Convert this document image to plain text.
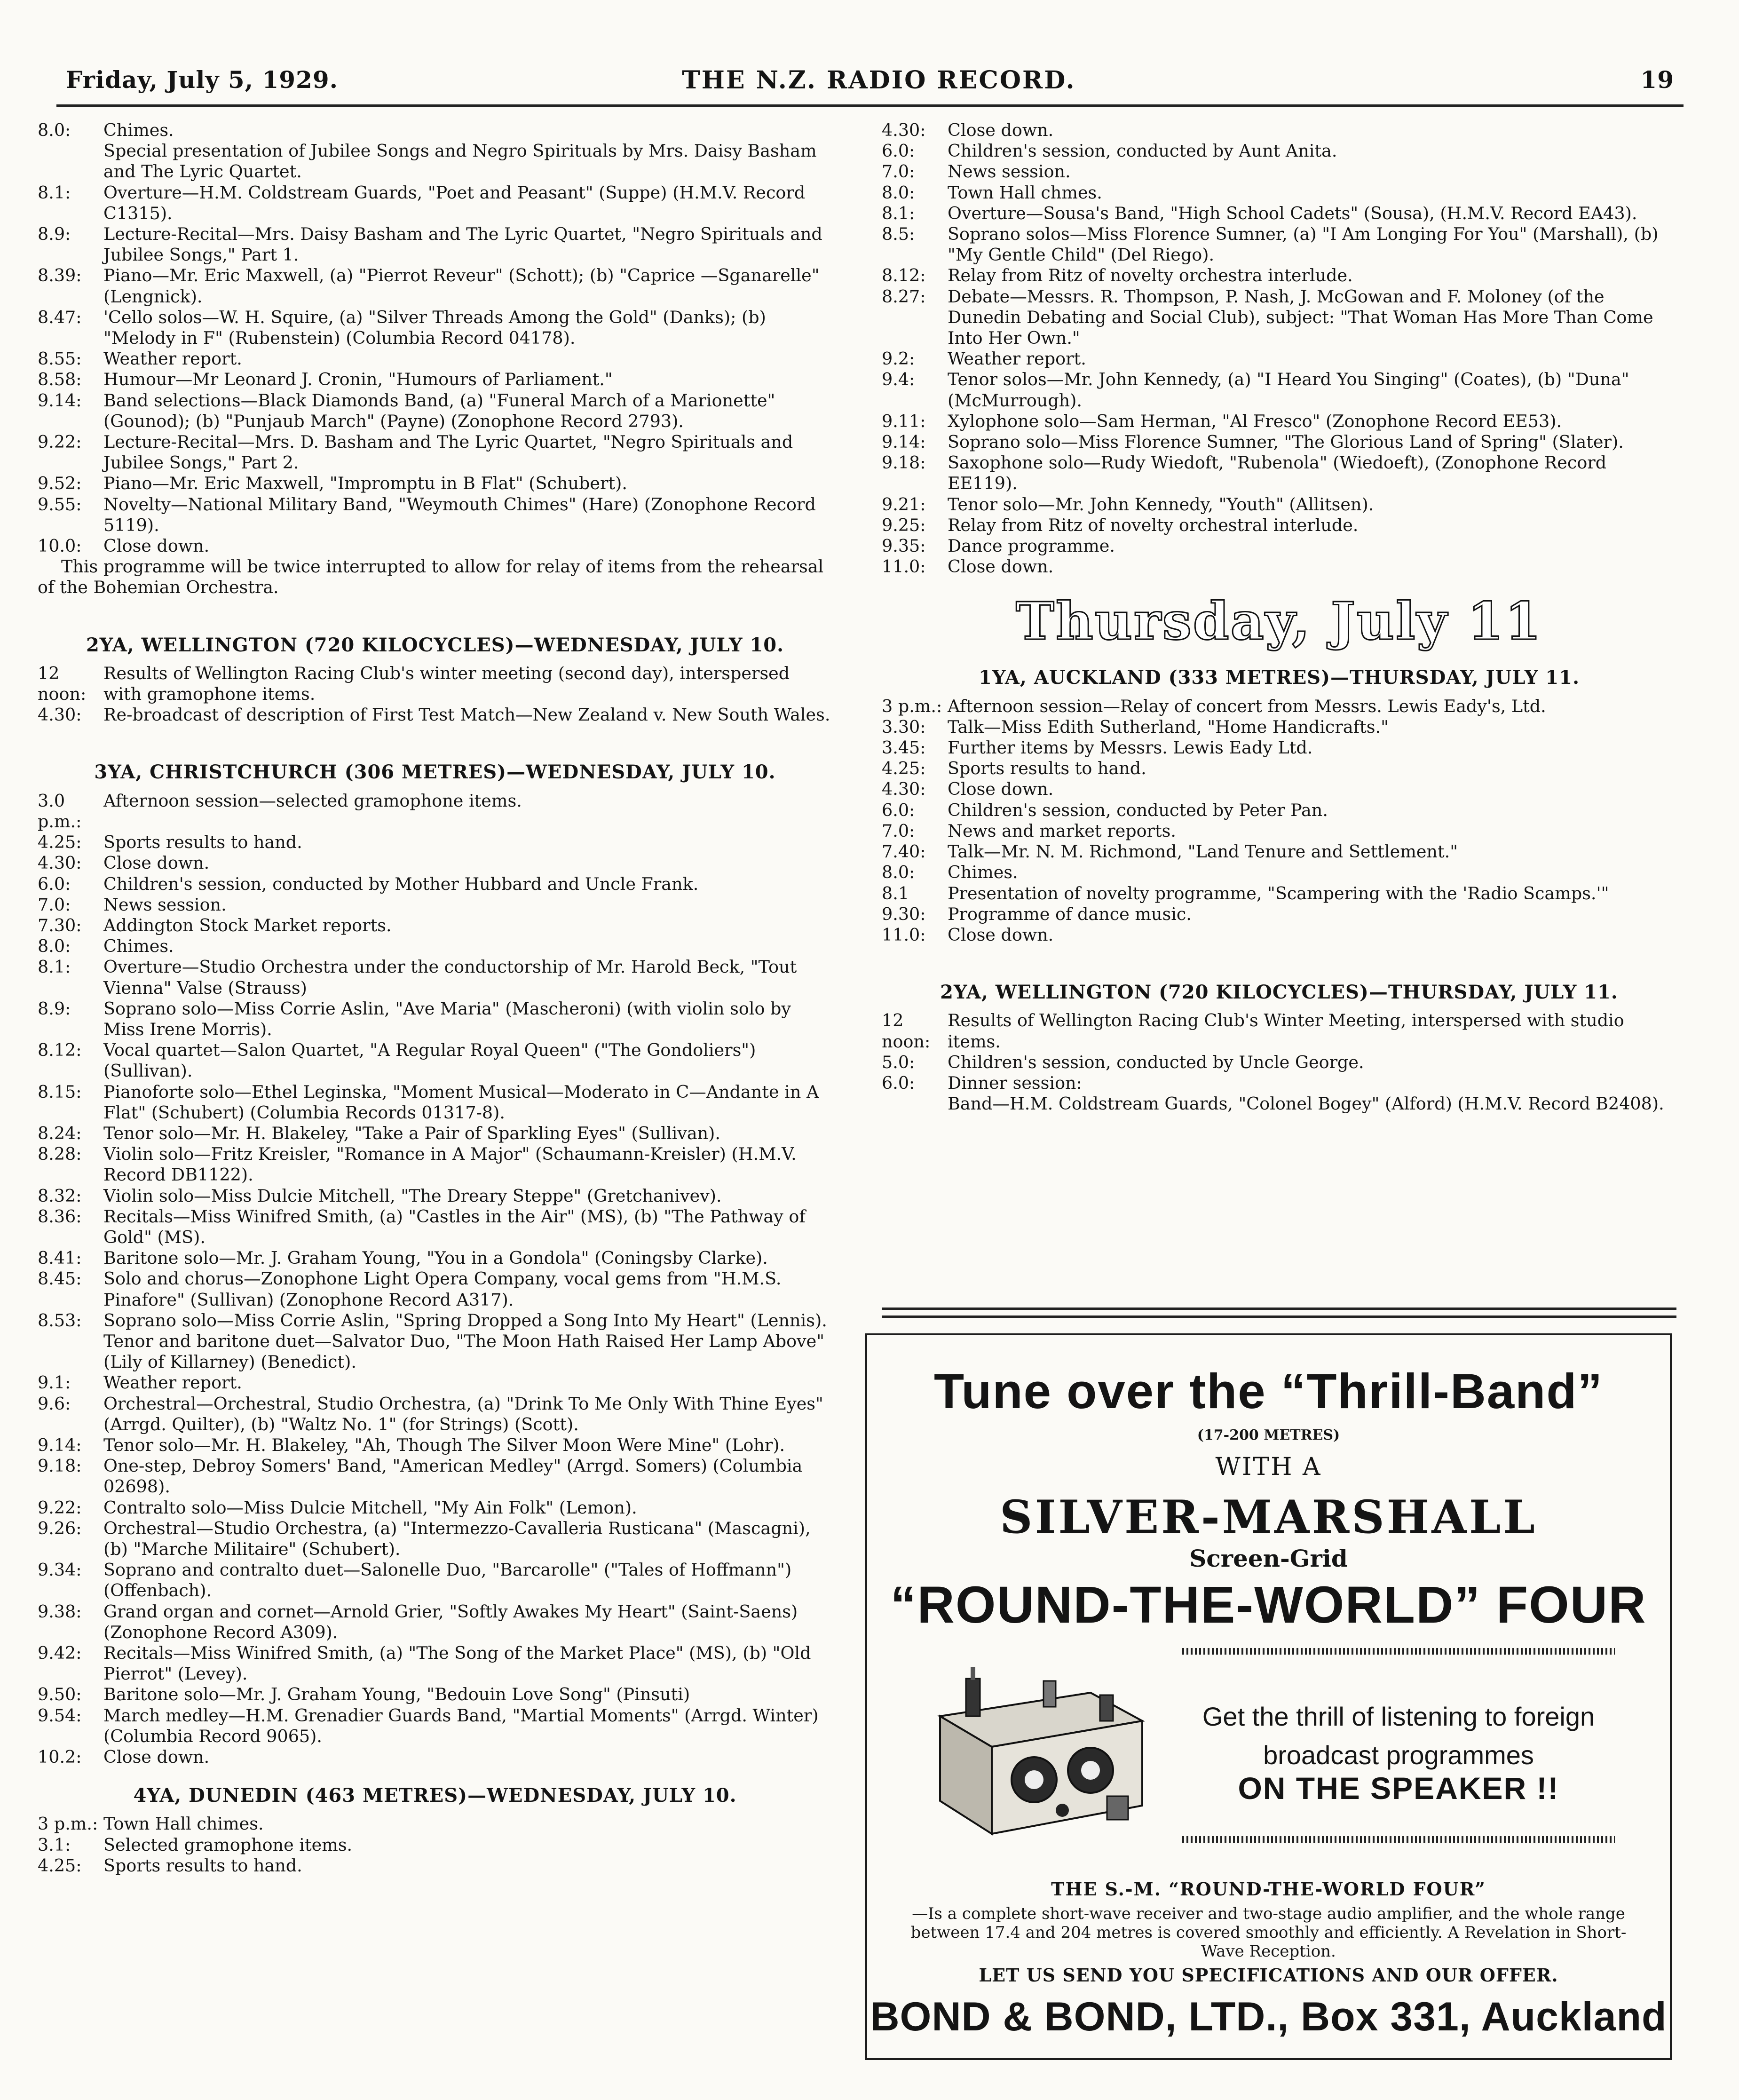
Friday, July 5, 1929.	THE N.Z. RADIO RECORD.	19
8.0:	Chimes.
Special presentation of Jubilee Songs and Negro Spirituals by Mrs. Daisy Basham and The Lyric Quartet.
8.1:	Overture—H.M. Coldstream Guards, "Poet and Peasant" (Suppe) (H.M.V. Record C1315).
8.9:	Lecture-Recital—Mrs. Daisy Basham and The Lyric Quartet, "Negro Spirituals and Jubilee Songs," Part 1.
8.39:	Piano—Mr. Eric Maxwell, (a) "Pierrot Reveur" (Schott); (b) "Caprice —Sganarelle" (Lengnick).
8.47:	'Cello solos—W. H. Squire, (a) "Silver Threads Among the Gold" (Danks); (b) "Melody in F" (Rubenstein) (Columbia Record 04178).
8.55:	Weather report.
8.58:	Humour—Mr Leonard J. Cronin, "Humours of Parliament."
9.14:	Band selections—Black Diamonds Band, (a) "Funeral March of a Marionette" (Gounod); (b) "Punjaub March" (Payne) (Zonophone Record 2793).
9.22:	Lecture-Recital—Mrs. D. Basham and The Lyric Quartet, "Negro Spirituals and Jubilee Songs," Part 2.
9.52:	Piano—Mr. Eric Maxwell, "Impromptu in B Flat" (Schubert).
9.55:	Novelty—National Military Band, "Weymouth Chimes" (Hare) (Zonophone Record 5119).
10.0:	Close down.
This programme will be twice interrupted to allow for relay of items from the rehearsal of the Bohemian Orchestra.
2YA, WELLINGTON (720 KILOCYCLES)—WEDNESDAY, JULY 10.
12 noon:
Results of Wellington Racing Club's winter meeting (second day), interspersed with gramophone items.
4.30:	Re-broadcast of description of First Test Match—New Zealand v. New South Wales.
3YA, CHRISTCHURCH (306 METRES)—WEDNESDAY, JULY 10.
3.0 p.m.:
Afternoon session—selected gramophone items.
4.25:	Sports results to hand.
4.30:	Close down.
6.0:	Children's session, conducted by Mother Hubbard and Uncle Frank.
7.0:	News session.
7.30:	Addington Stock Market reports.
8.0:	Chimes.
8.1:	Overture—Studio Orchestra under the conductorship of Mr. Harold Beck, "Tout Vienna" Valse (Strauss)
8.9:	Soprano solo—Miss Corrie Aslin, "Ave Maria" (Mascheroni) (with violin solo by Miss Irene Morris).
8.12:	Vocal quartet—Salon Quartet, "A Regular Royal Queen" ("The Gondoliers") (Sullivan).
8.15:	Pianoforte solo—Ethel Leginska, "Moment Musical—Moderato in C—Andante in A Flat" (Schubert) (Columbia Records 01317-8).
8.24:	Tenor solo—Mr. H. Blakeley, "Take a Pair of Sparkling Eyes" (Sullivan).
8.28:	Violin solo—Fritz Kreisler, "Romance in A Major" (Schaumann-Kreisler) (H.M.V. Record DB1122).
8.32:	Violin solo—Miss Dulcie Mitchell, "The Dreary Steppe" (Gretchanivev).
8.36:	Recitals—Miss Winifred Smith, (a) "Castles in the Air" (MS), (b) "The Pathway of Gold" (MS).
8.41:	Baritone solo—Mr. J. Graham Young, "You in a Gondola" (Coningsby Clarke).
8.45:	Solo and chorus—Zonophone Light Opera Company, vocal gems from "H.M.S. Pinafore" (Sullivan) (Zonophone Record A317).
8.53:	Soprano solo—Miss Corrie Aslin, "Spring Dropped a Song Into My Heart" (Lennis).
Tenor and baritone duet—Salvator Duo, "The Moon Hath Raised Her Lamp Above" (Lily of Killarney) (Benedict).
9.1:	Weather report.
9.6:	Orchestral—Orchestral, Studio Orchestra, (a) "Drink To Me Only With Thine Eyes" (Arrgd. Quilter), (b) "Waltz No. 1" (for Strings) (Scott).
9.14:	Tenor solo—Mr. H. Blakeley, "Ah, Though The Silver Moon Were Mine" (Lohr).
9.18:	One-step, Debroy Somers' Band, "American Medley" (Arrgd. Somers) (Columbia 02698).
9.22:	Contralto solo—Miss Dulcie Mitchell, "My Ain Folk" (Lemon).
9.26:	Orchestral—Studio Orchestra, (a) "Intermezzo-Cavalleria Rusticana" (Mascagni), (b) "Marche Militaire" (Schubert).
9.34:	Soprano and contralto duet—Salonelle Duo, "Barcarolle" ("Tales of Hoffmann") (Offenbach).
9.38:	Grand organ and cornet—Arnold Grier, "Softly Awakes My Heart" (Saint-Saens) (Zonophone Record A309).
9.42:	Recitals—Miss Winifred Smith, (a) "The Song of the Market Place" (MS), (b) "Old Pierrot" (Levey).
9.50:	Baritone solo—Mr. J. Graham Young, "Bedouin Love Song" (Pinsuti)
9.54:	March medley—H.M. Grenadier Guards Band, "Martial Moments" (Arrgd. Winter) (Columbia Record 9065).
10.2:	Close down.
4YA, DUNEDIN (463 METRES)—WEDNESDAY, JULY 10.
3 p.m.: Town Hall chimes.
3.1:	Selected gramophone items.
4.25:	Sports results to hand.
4.30:	Close down.
6.0:	Children's session, conducted by Aunt Anita.
7.0:	News session.
8.0:	Town Hall chmes.
8.1:	Overture—Sousa's Band, "High School Cadets" (Sousa), (H.M.V. Record EA43).
8.5:	Soprano solos—Miss Florence Sumner, (a) "I Am Longing For You" (Marshall), (b) "My Gentle Child" (Del Riego).
8.12:	Relay from Ritz of novelty orchestra interlude.
8.27:	Debate—Messrs. R. Thompson, P. Nash, J. McGowan and F. Moloney (of the Dunedin Debating and Social Club), subject: "That Woman Has More Than Come Into Her Own."
9.2:	Weather report.
9.4:	Tenor solos—Mr. John Kennedy, (a) "I Heard You Singing" (Coates), (b) "Duna" (McMurrough).
9.11:	Xylophone solo—Sam Herman, "Al Fresco" (Zonophone Record EE53).
9.14:	Soprano solo—Miss Florence Sumner, "The Glorious Land of Spring" (Slater).
9.18:	Saxophone solo—Rudy Wiedoft, "Rubenola" (Wiedoeft), (Zonophone Record EE119).
9.21:	Tenor solo—Mr. John Kennedy, "Youth" (Allitsen).
9.25:	Relay from Ritz of novelty orchestral interlude.
9.35:	Dance programme.
11.0:	Close down.
Thursday, July 11
1YA, AUCKLAND (333 METRES)—THURSDAY, JULY 11.
3 p.m.: Afternoon session—Relay of concert from Messrs. Lewis Eady's, Ltd.
3.30:	Talk—Miss Edith Sutherland, "Home Handicrafts."
3.45:	Further items by Messrs. Lewis Eady Ltd.
4.25:	Sports results to hand.
4.30:	Close down.
6.0:	Children's session, conducted by Peter Pan.
7.0:	News and market reports.
7.40:	Talk—Mr. N. M. Richmond, "Land Tenure and Settlement."
8.0:	Chimes.
8.1	Presentation of novelty programme, "Scampering with the 'Radio Scamps.'"
9.30:	Programme of dance music.
11.0:	Close down.
2YA, WELLINGTON (720 KILOCYCLES)—THURSDAY, JULY 11.
12 noon:
Results of Wellington Racing Club's Winter Meeting, interspersed with studio items.
5.0:	Children's session, conducted by Uncle George.
6.0:	Dinner session:
Band—H.M. Coldstream Guards, "Colonel Bogey" (Alford) (H.M.V. Record B2408).
Tune over the “Thrill-Band”
(17-200 METRES)
WITH A
SILVER-MARSHALL
Screen-Grid
“ROUND-THE-WORLD” FOUR
Get the thrill of listening to foreign broadcast programmes
ON THE SPEAKER !!
THE S.-M. “ROUND-THE-WORLD FOUR”
—Is a complete short-wave receiver and two-stage audio amplifier, and the whole range between 17.4 and 204 metres is covered smoothly and efficiently. A Revelation in Short-Wave Reception.
LET US SEND YOU SPECIFICATIONS AND OUR OFFER.
BOND & BOND, LTD., Box 331, Auckland
